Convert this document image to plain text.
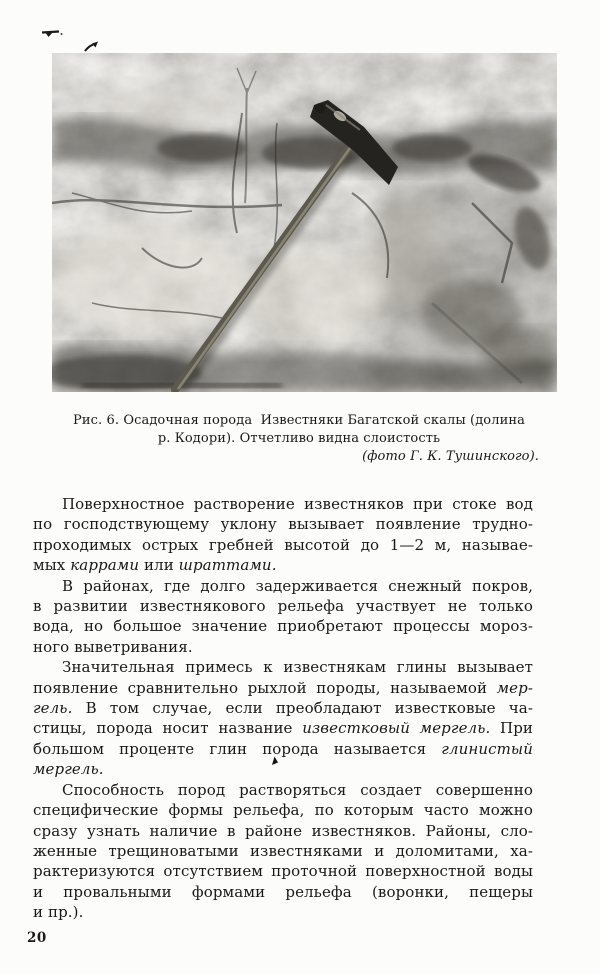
Рис. 6. Осадочная порода  Известняки Багатской скалы (долина
р. Кодори). Отчетливо видна слоистость
(фото Г. К. Тушинского).
Поверхностное растворение известняков при стоке вод
по господствующему уклону вызывает появление трудно-
проходимых острых гребней высотой до 1—2 м, называе-
мых каррами или шраттами.
В районах, где долго задерживается снежный покров,
в развитии известнякового рельефа участвует не только
вода, но большое значение приобретают процессы мороз-
ного выветривания.
Значительная примесь к известнякам глины вызывает
появление сравнительно рыхлой породы, называемой мер-
гель. В том случае, если преобладают известковые ча-
стицы, порода носит название известковый мергель. При
большом проценте глин порода называется глинистый
мергель.
Способность пород растворяться создает совершенно
специфические формы рельефа, по которым часто можно
сразу узнать наличие в районе известняков. Районы, сло-
женные трещиноватыми известняками и доломитами, ха-
рактеризуются отсутствием проточной поверхностной воды
и провальными формами рельефа (воронки, пещеры
и пр.).
20
